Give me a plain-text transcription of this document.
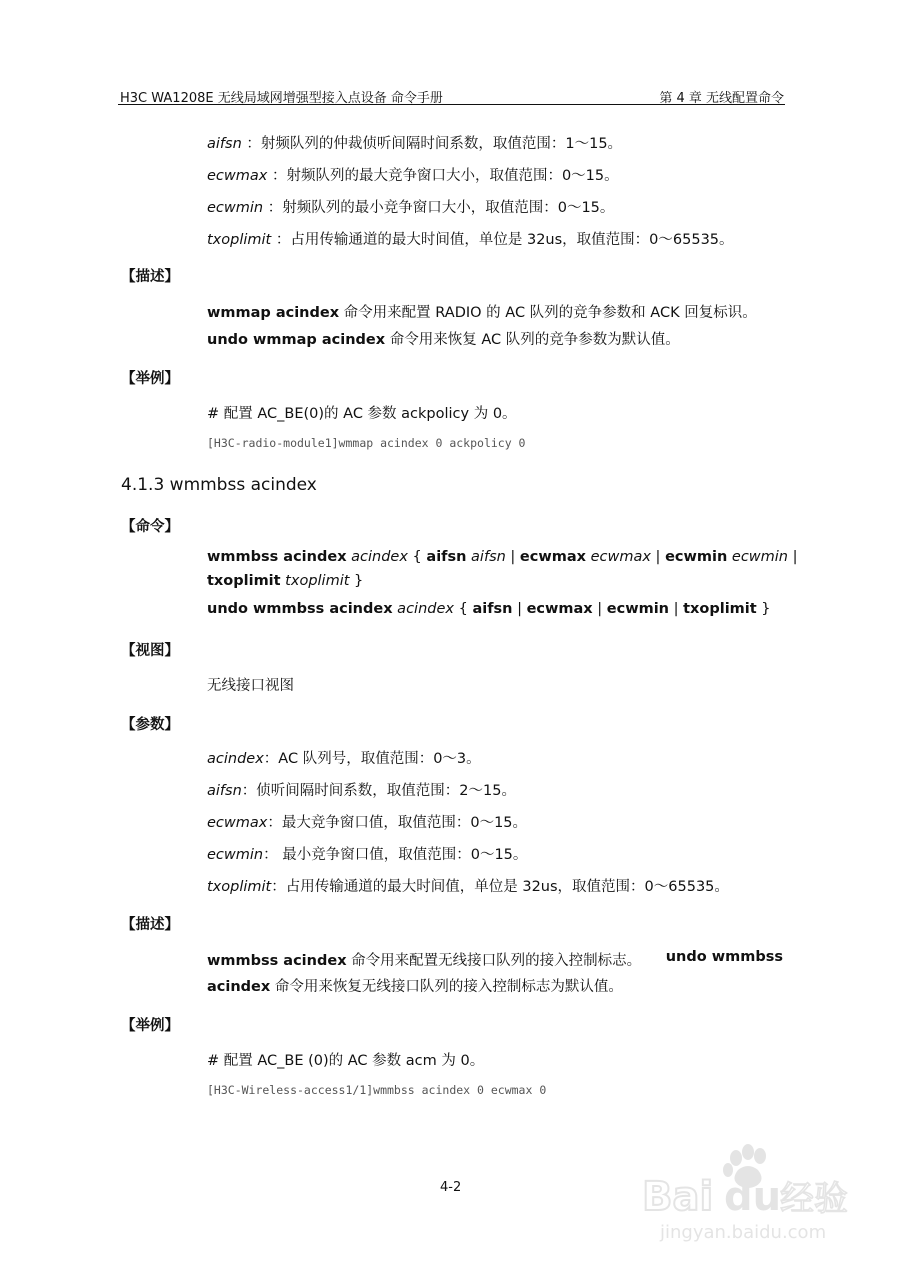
H3C WA1208E 无线局域网增强型接入点设备 命令手册	第 4 章 无线配置命令
aifsn ：射频队列的仲裁侦听间隔时间系数，取值范围：1～15。
ecwmax ：射频队列的最大竞争窗口大小，取值范围：0～15。
ecwmin ：射频队列的最小竞争窗口大小，取值范围：0～15。
txoplimit ：占用传输通道的最大时间值，单位是 32us，取值范围：0～65535。
【描述】
wmmap acindex 命令用来配置 RADIO 的 AC 队列的竞争参数和 ACK 回复标识。
undo wmmap acindex 命令用来恢复 AC 队列的竞争参数为默认值。
【举例】
# 配置 AC_BE(0)的 AC 参数 ackpolicy 为 0。
[H3C-radio-module1]wmmap acindex 0 ackpolicy 0
4.1.3 wmmbss acindex
【命令】
wmmbss acindex acindex { aifsn aifsn | ecwmax ecwmax | ecwmin ecwmin |
txoplimit txoplimit }
undo wmmbss acindex acindex { aifsn | ecwmax | ecwmin | txoplimit }
【视图】
无线接口视图
【参数】
acindex：AC 队列号，取值范围：0～3。
aifsn：侦听间隔时间系数，取值范围：2～15。
ecwmax：最大竞争窗口值，取值范围：0～15。
ecwmin： 最小竞争窗口值，取值范围：0～15。
txoplimit：占用传输通道的最大时间值，单位是 32us，取值范围：0～65535。
【描述】
wmmbss acindex 命令用来配置无线接口队列的接入控制标志。 undo wmmbss
acindex 命令用来恢复无线接口队列的接入控制标志为默认值。
【举例】
# 配置 AC_BE (0)的 AC 参数 acm 为 0。
[H3C-Wireless-access1/1]wmmbss acindex 0 ecwmax 0
4-2	Bai du
经验
jingyan.baidu.com
